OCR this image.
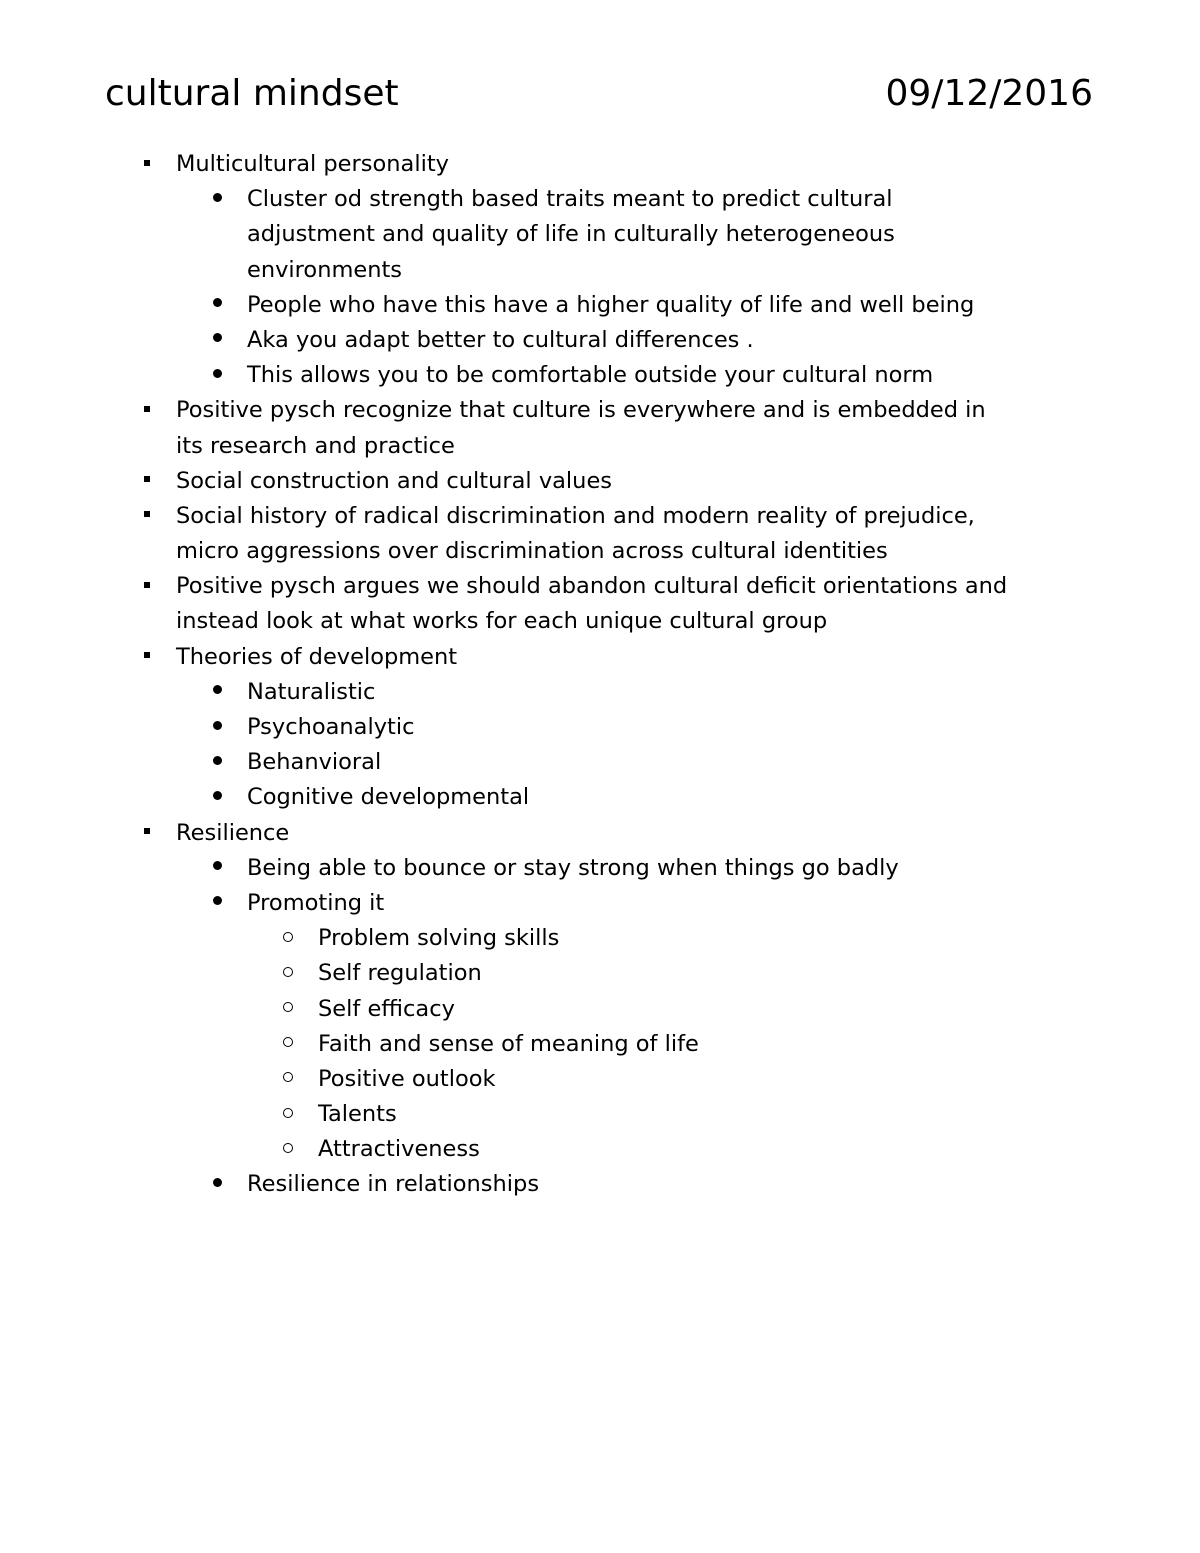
cultural mindset	09/12/2016
Multicultural personality
Cluster od strength based traits meant to predict cultural
adjustment and quality of life in culturally heterogeneous
environments
People who have this have a higher quality of life and well being
Aka you adapt better to cultural differences .
This allows you to be comfortable outside your cultural norm
Positive pysch recognize that culture is everywhere and is embedded in
its research and practice
Social construction and cultural values
Social history of radical discrimination and modern reality of prejudice,
micro aggressions over discrimination across cultural identities
Positive pysch argues we should abandon cultural deficit orientations and
instead look at what works for each unique cultural group
Theories of development
Naturalistic
Psychoanalytic
Behanvioral
Cognitive developmental
Resilience
Being able to bounce or stay strong when things go badly
Promoting it
Problem solving skills
Self regulation
Self efficacy
Faith and sense of meaning of life
Positive outlook
Talents
Attractiveness
Resilience in relationships
